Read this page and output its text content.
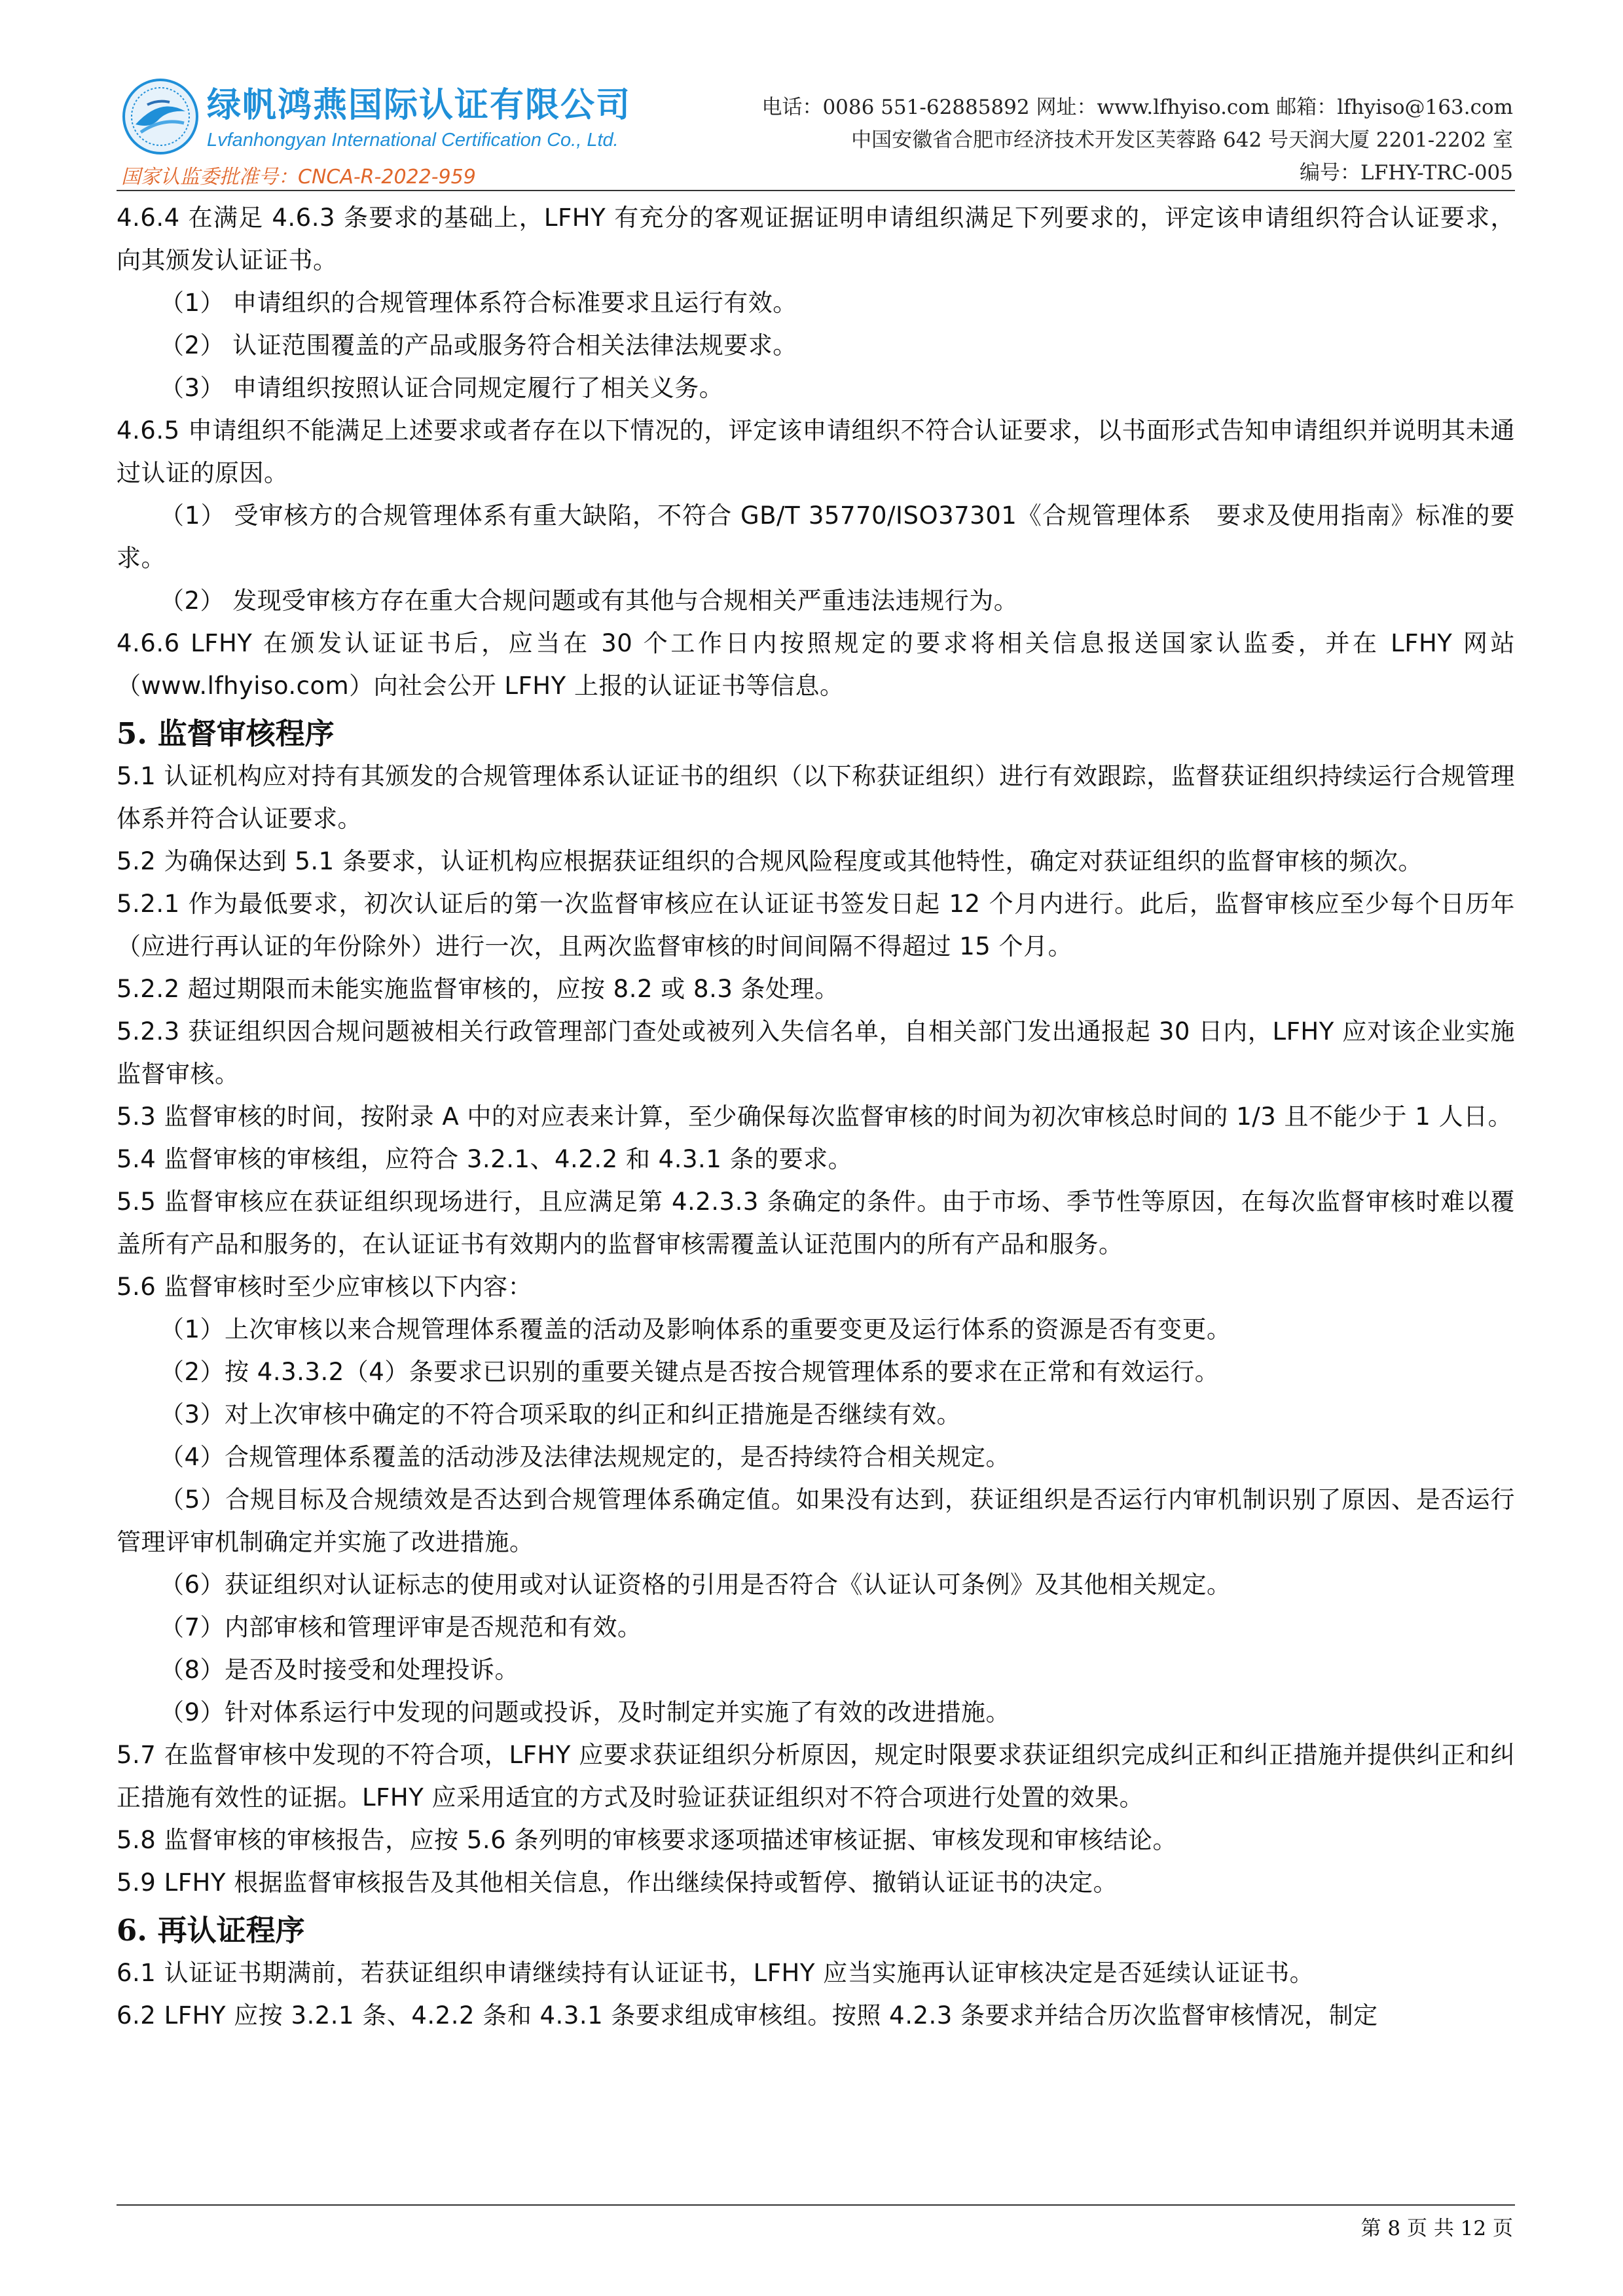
绿帆鸿燕国际认证有限公司
Lvfanhongyan International Certification Co., Ltd.
国家认监委批准号：CNCA-R-2022-959
电话：0086 551-62885892 网址：www.lfhyiso.com 邮箱：lfhyiso@163.com
中国安徽省合肥市经济技术开发区芙蓉路 642 号天润大厦 2201-2202 室
编号：LFHY-TRC-005

4.6.4 在满足 4.6.3 条要求的基础上，LFHY 有充分的客观证据证明申请组织满足下列要求的，评定该申请组织符合认证要求，向其颁发认证证书。

（1） 申请组织的合规管理体系符合标准要求且运行有效。

（2） 认证范围覆盖的产品或服务符合相关法律法规要求。

（3） 申请组织按照认证合同规定履行了相关义务。

4.6.5 申请组织不能满足上述要求或者存在以下情况的，评定该申请组织不符合认证要求，以书面形式告知申请组织并说明其未通过认证的原因。

（1） 受审核方的合规管理体系有重大缺陷，不符合 GB/T 35770/ISO37301《合规管理体系　要求及使用指南》标准的要求。

（2） 发现受审核方存在重大合规问题或有其他与合规相关严重违法违规行为。

4.6.6 LFHY 在颁发认证证书后，应当在 30 个工作日内按照规定的要求将相关信息报送国家认监委，并在 LFHY 网站（www.lfhyiso.com）向社会公开 LFHY 上报的认证证书等信息。

5. 监督审核程序

5.1 认证机构应对持有其颁发的合规管理体系认证证书的组织（以下称获证组织）进行有效跟踪，监督获证组织持续运行合规管理体系并符合认证要求。

5.2 为确保达到 5.1 条要求，认证机构应根据获证组织的合规风险程度或其他特性，确定对获证组织的监督审核的频次。

5.2.1 作为最低要求，初次认证后的第一次监督审核应在认证证书签发日起 12 个月内进行。此后，监督审核应至少每个日历年（应进行再认证的年份除外）进行一次，且两次监督审核的时间间隔不得超过 15 个月。

5.2.2 超过期限而未能实施监督审核的，应按 8.2 或 8.3 条处理。

5.2.3 获证组织因合规问题被相关行政管理部门查处或被列入失信名单，自相关部门发出通报起 30 日内，LFHY 应对该企业实施监督审核。

5.3 监督审核的时间，按附录 A 中的对应表来计算，至少确保每次监督审核的时间为初次审核总时间的 1/3 且不能少于 1 人日。

5.4 监督审核的审核组，应符合 3.2.1、4.2.2 和 4.3.1 条的要求。

5.5 监督审核应在获证组织现场进行，且应满足第 4.2.3.3 条确定的条件。由于市场、季节性等原因，在每次监督审核时难以覆盖所有产品和服务的，在认证证书有效期内的监督审核需覆盖认证范围内的所有产品和服务。

5.6 监督审核时至少应审核以下内容：

（1）上次审核以来合规管理体系覆盖的活动及影响体系的重要变更及运行体系的资源是否有变更。

（2）按 4.3.3.2（4）条要求已识别的重要关键点是否按合规管理体系的要求在正常和有效运行。

（3）对上次审核中确定的不符合项采取的纠正和纠正措施是否继续有效。

（4）合规管理体系覆盖的活动涉及法律法规规定的，是否持续符合相关规定。

（5）合规目标及合规绩效是否达到合规管理体系确定值。如果没有达到，获证组织是否运行内审机制识别了原因、是否运行管理评审机制确定并实施了改进措施。

（6）获证组织对认证标志的使用或对认证资格的引用是否符合《认证认可条例》及其他相关规定。

（7）内部审核和管理评审是否规范和有效。

（8）是否及时接受和处理投诉。

（9）针对体系运行中发现的问题或投诉，及时制定并实施了有效的改进措施。

5.7 在监督审核中发现的不符合项，LFHY 应要求获证组织分析原因，规定时限要求获证组织完成纠正和纠正措施并提供纠正和纠正措施有效性的证据。LFHY 应采用适宜的方式及时验证获证组织对不符合项进行处置的效果。

5.8 监督审核的审核报告，应按 5.6 条列明的审核要求逐项描述审核证据、审核发现和审核结论。

5.9 LFHY 根据监督审核报告及其他相关信息，作出继续保持或暂停、撤销认证证书的决定。

6. 再认证程序

6.1 认证证书期满前，若获证组织申请继续持有认证证书，LFHY 应当实施再认证审核决定是否延续认证证书。

6.2 LFHY 应按 3.2.1 条、4.2.2 条和 4.3.1 条要求组成审核组。按照 4.2.3 条要求并结合历次监督审核情况，制定

第 8 页 共 12 页
